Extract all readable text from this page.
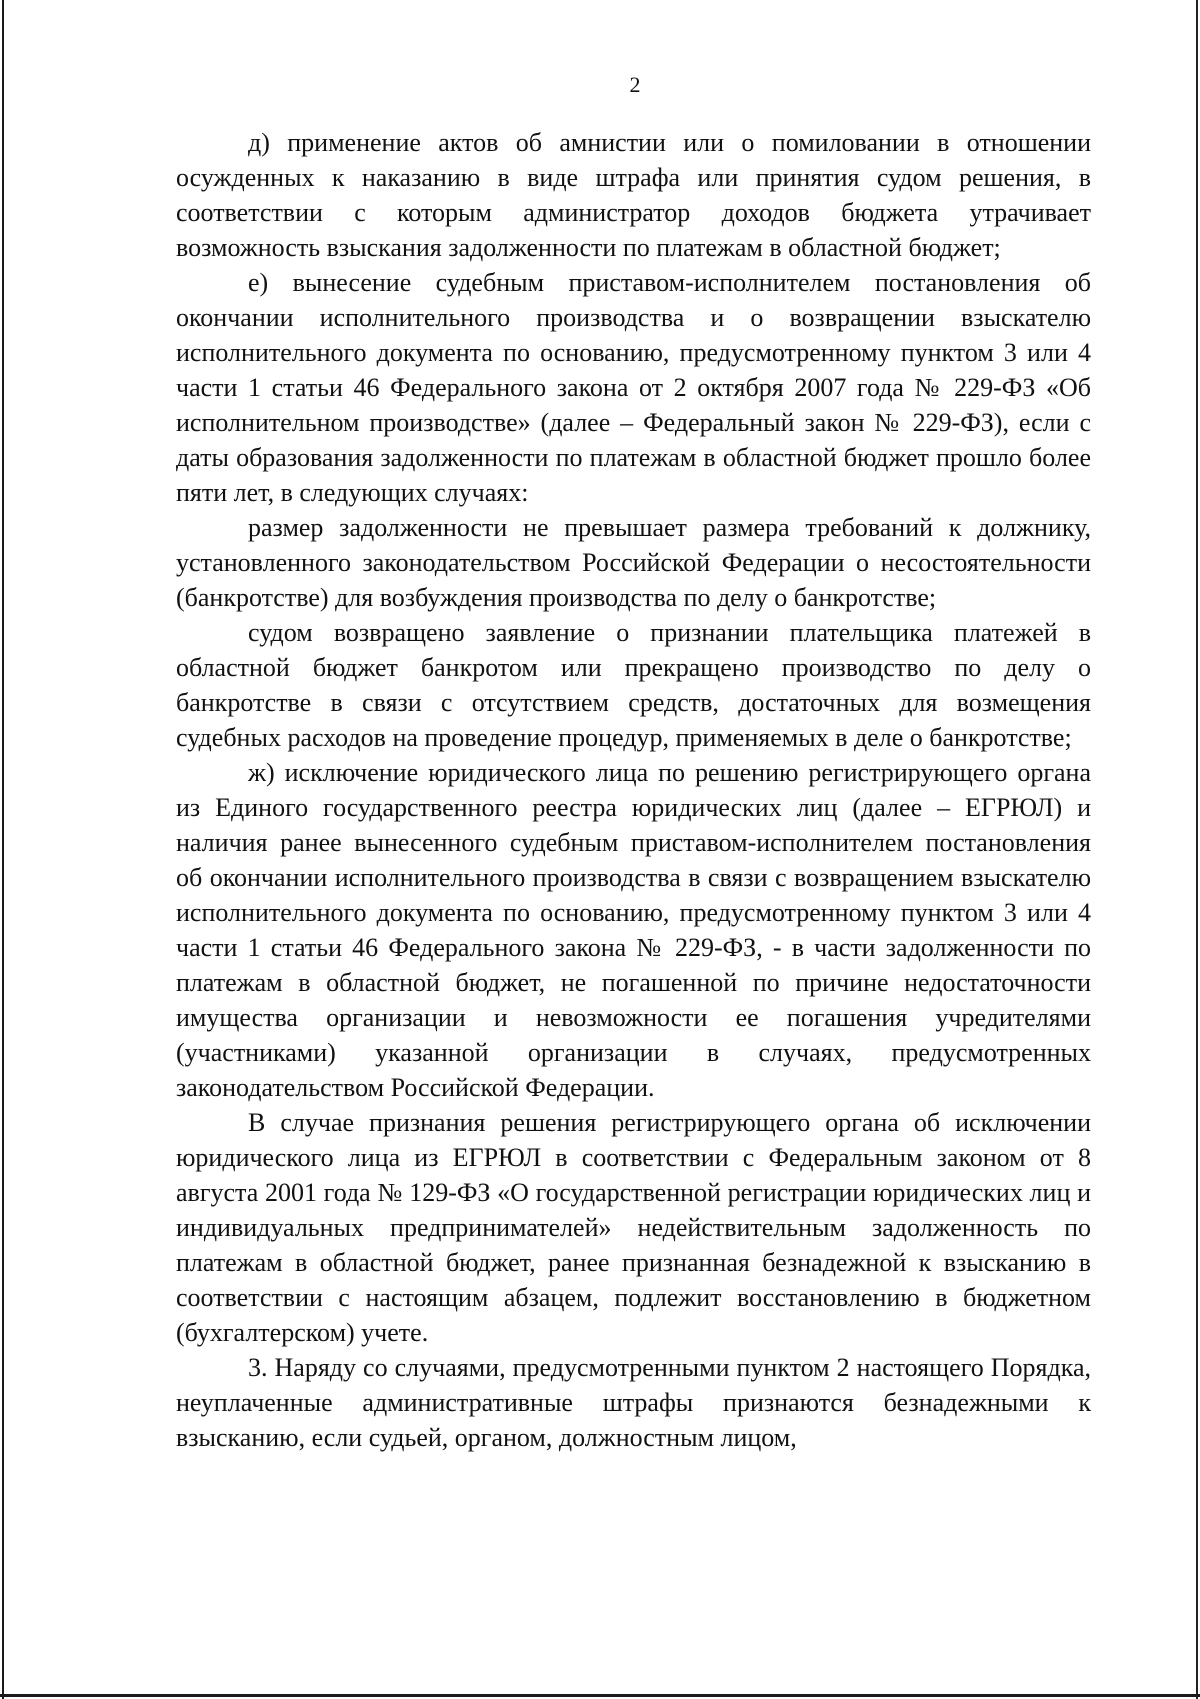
2

д) применение актов об амнистии или о помиловании в отношении осужденных к наказанию в виде штрафа или принятия судом решения, в соответствии с которым администратор доходов бюджета утрачивает возможность взыскания задолженности по платежам в областной бюджет;

е) вынесение судебным приставом-исполнителем постановления об окончании исполнительного производства и о возвращении взыскателю исполнительного документа по основанию, предусмотренному пунктом 3 или 4 части 1 статьи 46 Федерального закона от 2 октября 2007 года № 229-ФЗ «Об исполнительном производстве» (далее – Федеральный закон № 229-ФЗ), если с даты образования задолженности по платежам в областной бюджет прошло более пяти лет, в следующих случаях:

размер задолженности не превышает размера требований к должнику, установленного законодательством Российской Федерации о несостоятельности (банкротстве) для возбуждения производства по делу о банкротстве;

судом возвращено заявление о признании плательщика платежей в областной бюджет банкротом или прекращено производство по делу о банкротстве в связи с отсутствием средств, достаточных для возмещения судебных расходов на проведение процедур, применяемых в деле о банкротстве;

ж) исключение юридического лица по решению регистрирующего органа из Единого государственного реестра юридических лиц (далее – ЕГРЮЛ) и наличия ранее вынесенного судебным приставом-исполнителем постановления об окончании исполнительного производства в связи с возвращением взыскателю исполнительного документа по основанию, предусмотренному пунктом 3 или 4 части 1 статьи 46 Федерального закона № 229-ФЗ, - в части задолженности по платежам в областной бюджет, не погашенной по причине недостаточности имущества организации и невозможности ее погашения учредителями (участниками) указанной организации в случаях, предусмотренных законодательством Российской Федерации.

В случае признания решения регистрирующего органа об исключении юридического лица из ЕГРЮЛ в соответствии с Федеральным законом от 8 августа 2001 года № 129-ФЗ «О государственной регистрации юридических лиц и индивидуальных предпринимателей» недействительным задолженность по платежам в областной бюджет, ранее признанная безнадежной к взысканию в соответствии с настоящим абзацем, подлежит восстановлению в бюджетном (бухгалтерском) учете.

3. Наряду со случаями, предусмотренными пунктом 2 настоящего Порядка, неуплаченные административные штрафы признаются безнадежными к взысканию, если судьей, органом, должностным лицом,
